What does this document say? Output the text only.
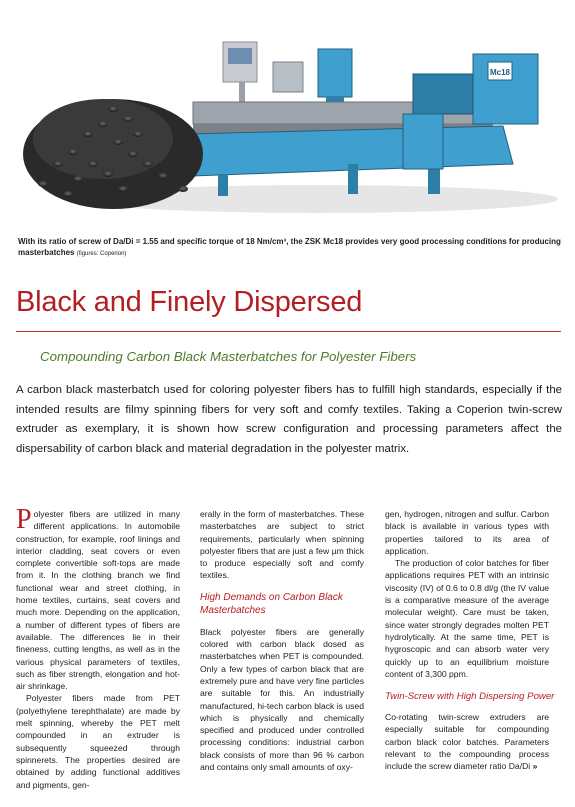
Mc18
With its ratio of screw of Da/Di = 1.55 and specific torque of 18 Nm/cm³, the ZSK Mc18 provides very good processing conditions for producing masterbatches (figures: Coperion)
Black and Finely Dispersed
Compounding Carbon Black Masterbatches for Polyester Fibers
A carbon black masterbatch used for coloring polyester fibers has to fulfill high standards, especially if the intended results are filmy spinning fibers for very soft and comfy textiles. Taking a Coperion twin-screw extruder as exemplary, it is shown how screw configuration and processing parameters affect the dispersability of carbon black and material degradation in the polyester matrix.

Polyester fibers are utilized in many different applications. In automobile construction, for example, roof linings and interior cladding, seat covers or even complete convertible soft-tops are made from it. In the clothing branch we find functional wear and street clothing, in home textiles, curtains, seat covers and much more. Depending on the application, a number of different types of fibers are available. The differences lie in their fineness, cutting lengths, as well as in the various physical parameters of textiles, such as fiber strength, elongation and hot-air shrinkage.

Polyester fibers made from PET (polyethylene terephthalate) are made by melt spinning, whereby the PET melt compounded in an extruder is subsequently squeezed through spinnerets. The properties desired are obtained by adding functional additives and pigments, gen-

erally in the form of masterbatches. These masterbatches are subject to strict requirements, particularly when spinning polyester fibers that are just a few µm thick to produce especially soft and comfy textiles.

High Demands on Carbon Black Masterbatches

Black polyester fibers are generally colored with carbon black dosed as masterbatches when PET is compounded. Only a few types of carbon black that are extremely pure and have very fine particles are suitable for this. An industrially manufactured, hi-tech carbon black is used which is physically and chemically specified and produced under controlled processing conditions: industrial carbon black consists of more than 96 % carbon and contains only small amounts of oxy-

gen, hydrogen, nitrogen and sulfur. Carbon black is available in various types with properties tailored to its area of application.

The production of color batches for fiber applications requires PET with an intrinsic viscosity (IV) of 0.6 to 0.8 dl/g (the IV value is a comparative measure of the average molecular weight). Care must be taken, since water strongly degrades molten PET hydrolytically. At the same time, PET is hygroscopic and can absorb water very quickly up to an equilibrium moisture content of 3,300 ppm.

Twin-Screw with High Dispersing Power

Co-rotating twin-screw extruders are especially suitable for compounding carbon black color batches. Parameters relevant to the compounding process include the screw diameter ratio Da/Di »
